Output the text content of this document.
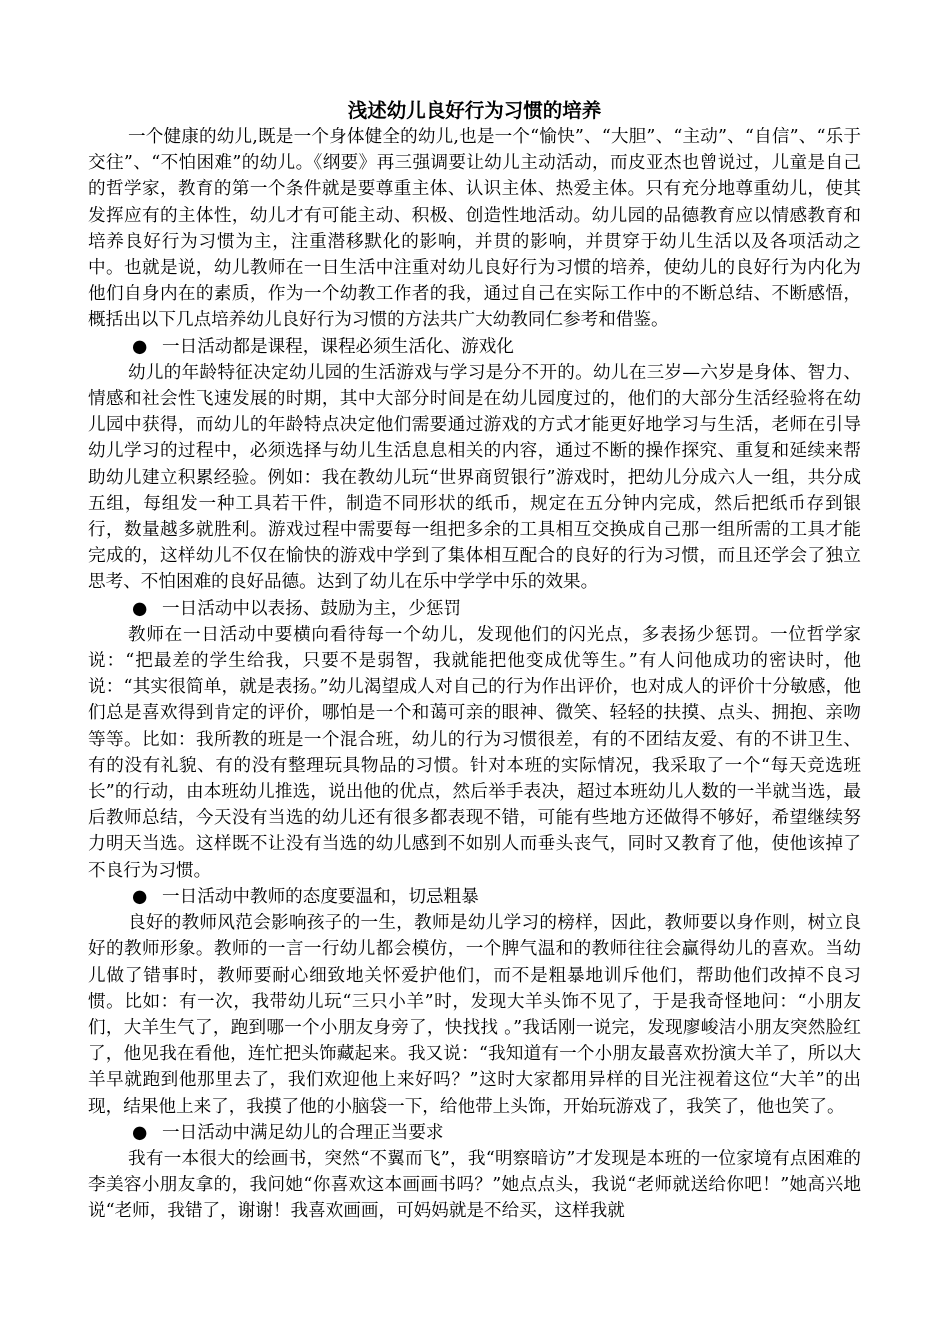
浅述幼儿良好行为习惯的培养

一个健康的幼儿,既是一个身体健全的幼儿,也是一个“愉快”、“大胆”、“主动”、“自信”、“乐于交往”、“不怕困难”的幼儿。《纲要》再三强调要让幼儿主动活动，而皮亚杰也曾说过，儿童是自己的哲学家，教育的第一个条件就是要尊重主体、认识主体、热爱主体。只有充分地尊重幼儿，使其发挥应有的主体性，幼儿才有可能主动、积极、创造性地活动。幼儿园的品德教育应以情感教育和培养良好行为习惯为主，注重潜移默化的影响，并贯的影响，并贯穿于幼儿生活以及各项活动之中。也就是说，幼儿教师在一日生活中注重对幼儿良好行为习惯的培养，使幼儿的良好行为内化为他们自身内在的素质，作为一个幼教工作者的我，通过自己在实际工作中的不断总结、不断感悟，概括出以下几点培养幼儿良好行为习惯的方法共广大幼教同仁参考和借鉴。

● 一日活动都是课程，课程必须生活化、游戏化

幼儿的年龄特征决定幼儿园的生活游戏与学习是分不开的。幼儿在三岁—六岁是身体、智力、情感和社会性飞速发展的时期，其中大部分时间是在幼儿园度过的，他们的大部分生活经验将在幼儿园中获得，而幼儿的年龄特点决定他们需要通过游戏的方式才能更好地学习与生活，老师在引导幼儿学习的过程中，必须选择与幼儿生活息息相关的内容，通过不断的操作探究、重复和延续来帮助幼儿建立积累经验。例如：我在教幼儿玩“世界商贸银行”游戏时，把幼儿分成六人一组，共分成五组，每组发一种工具若干件，制造不同形状的纸币，规定在五分钟内完成，然后把纸币存到银行，数量越多就胜利。游戏过程中需要每一组把多余的工具相互交换成自己那一组所需的工具才能完成的，这样幼儿不仅在愉快的游戏中学到了集体相互配合的良好的行为习惯，而且还学会了独立思考、不怕困难的良好品德。达到了幼儿在乐中学学中乐的效果。

● 一日活动中以表扬、鼓励为主，少惩罚

教师在一日活动中要横向看待每一个幼儿，发现他们的闪光点，多表扬少惩罚。一位哲学家说：“把最差的学生给我，只要不是弱智，我就能把他变成优等生。”有人问他成功的密诀时，他说：“其实很简单，就是表扬。”幼儿渴望成人对自己的行为作出评价，也对成人的评价十分敏感，他们总是喜欢得到肯定的评价，哪怕是一个和蔼可亲的眼神、微笑、轻轻的扶摸、点头、拥抱、亲吻等等。比如：我所教的班是一个混合班，幼儿的行为习惯很差，有的不团结友爱、有的不讲卫生、有的没有礼貌、有的没有整理玩具物品的习惯。针对本班的实际情况，我采取了一个“每天竞选班长”的行动，由本班幼儿推选，说出他的优点，然后举手表决，超过本班幼儿人数的一半就当选，最后教师总结，今天没有当选的幼儿还有很多都表现不错，可能有些地方还做得不够好，希望继续努力明天当选。这样既不让没有当选的幼儿感到不如别人而垂头丧气，同时又教育了他，使他该掉了不良行为习惯。

● 一日活动中教师的态度要温和，切忌粗暴

良好的教师风范会影响孩子的一生，教师是幼儿学习的榜样，因此，教师要以身作则，树立良好的教师形象。教师的一言一行幼儿都会模仿，一个脾气温和的教师往往会赢得幼儿的喜欢。当幼儿做了错事时，教师要耐心细致地关怀爱护他们，而不是粗暴地训斥他们，帮助他们改掉不良习惯。比如：有一次，我带幼儿玩“三只小羊”时，发现大羊头饰不见了，于是我奇怪地问：“小朋友们，大羊生气了，跑到哪一个小朋友身旁了，快找找 。”我话刚一说完，发现廖峻洁小朋友突然脸红了，他见我在看他，连忙把头饰藏起来。我又说：“我知道有一个小朋友最喜欢扮演大羊了，所以大羊早就跑到他那里去了，我们欢迎他上来好吗？”这时大家都用异样的目光注视着这位“大羊”的出现，结果他上来了，我摸了他的小脑袋一下，给他带上头饰，开始玩游戏了，我笑了，他也笑了。

● 一日活动中满足幼儿的合理正当要求

我有一本很大的绘画书，突然“不翼而飞”，我“明察暗访”才发现是本班的一位家境有点困难的李美容小朋友拿的，我问她“你喜欢这本画画书吗？”她点点头，我说“老师就送给你吧！”她高兴地说“老师，我错了，谢谢！我喜欢画画，可妈妈就是不给买，这样我就
